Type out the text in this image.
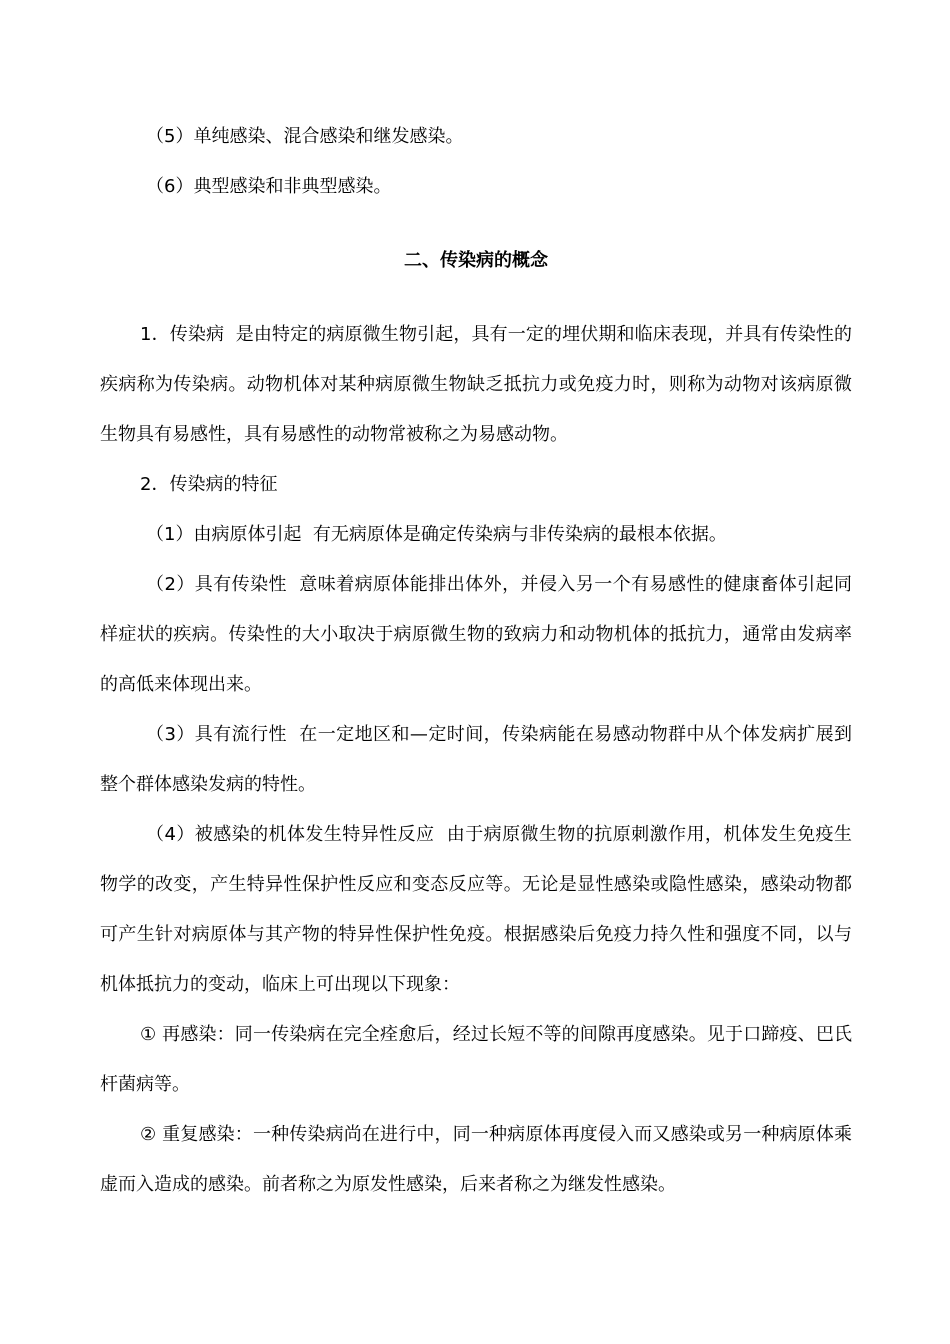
（5）单纯感染、混合感染和继发感染。

（6）典型感染和非典型感染。

二、传染病的概念

1．传染病 是由特定的病原微生物引起，具有一定的埋伏期和临床表现，并具有传染性的疾病称为传染病。动物机体对某种病原微生物缺乏抵抗力或免疫力时，则称为动物对该病原微生物具有易感性，具有易感性的动物常被称之为易感动物。

2．传染病的特征

（1）由病原体引起 有无病原体是确定传染病与非传染病的最根本依据。

（2）具有传染性 意味着病原体能排出体外，并侵入另一个有易感性的健康畜体引起同样症状的疾病。传染性的大小取决于病原微生物的致病力和动物机体的抵抗力，通常由发病率的高低来体现出来。

（3）具有流行性 在一定地区和—定时间，传染病能在易感动物群中从个体发病扩展到整个群体感染发病的特性。

（4）被感染的机体发生特异性反应 由于病原微生物的抗原刺激作用，机体发生免疫生物学的改变，产生特异性保护性反应和变态反应等。无论是显性感染或隐性感染，感染动物都可产生针对病原体与其产物的特异性保护性免疫。根据感染后免疫力持久性和强度不同，以与机体抵抗力的变动，临床上可出现以下现象：

① 再感染：同一传染病在完全痊愈后，经过长短不等的间隙再度感染。见于口蹄疫、巴氏杆菌病等。

② 重复感染：一种传染病尚在进行中，同一种病原体再度侵入而又感染或另一种病原体乘虚而入造成的感染。前者称之为原发性感染，后来者称之为继发性感染。
